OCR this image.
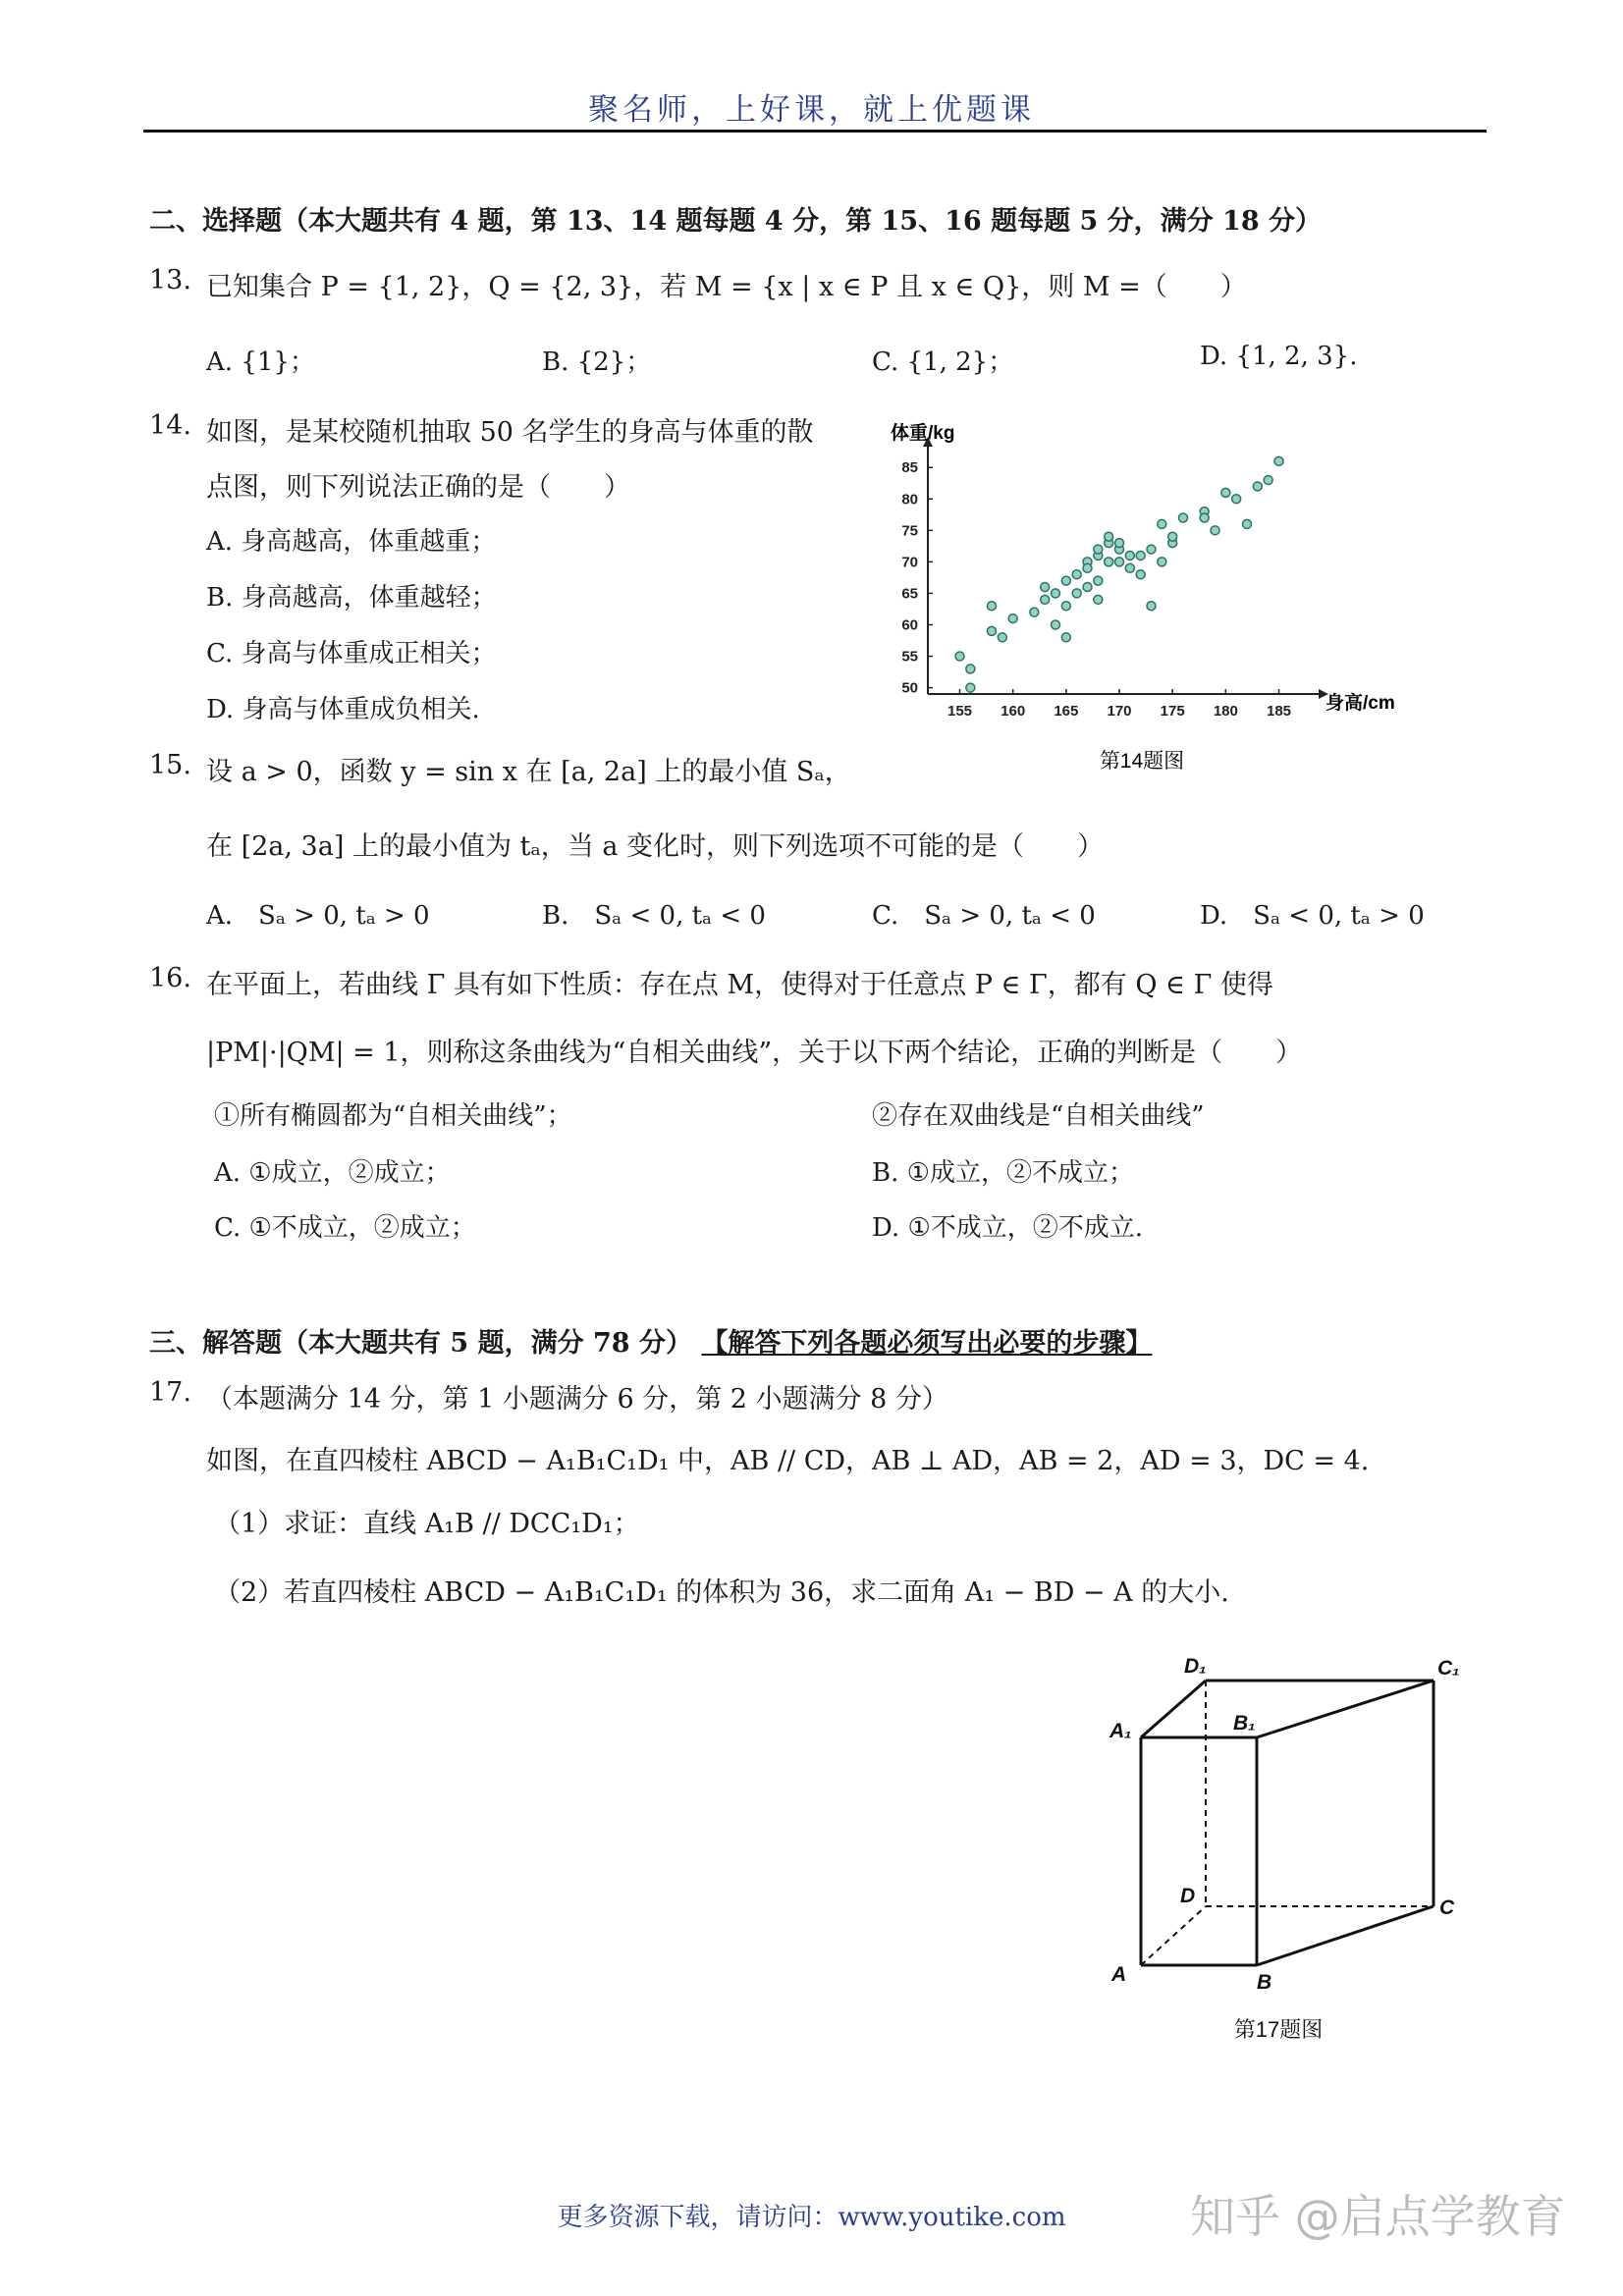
聚名师，上好课，就上优题课
二、选择题（本大题共有 4 题，第 13、14 题每题 4 分，第 15、16 题每题 5 分，满分 18 分）
13. 已知集合 P = {1, 2}，Q = {2, 3}，若 M = {x | x ∈ P 且 x ∈ Q}，则 M =（　　）
A. {1}；	B. {2}；	C. {1, 2}；	D. {1, 2, 3}.
14. 如图，是某校随机抽取 50 名学生的身高与体重的散
点图，则下列说法正确的是（　　）
A. 身高越高，体重越重；
B. 身高越高，体重越轻；
C. 身高与体重成正相关；
D. 身高与体重成负相关.	155 160 165 170 175 180 185
50
55
60
65
70
75
80
85
体重/kg
身高/cm
第14题图
15. 设 a > 0，函数 y = sin x 在 [a, 2a] 上的最小值 Sₐ，
在 [2a, 3a] 上的最小值为 tₐ，当 a 变化时，则下列选项不可能的是（　　）
A.　Sₐ > 0, tₐ > 0	B.　Sₐ < 0, tₐ < 0	C.　Sₐ > 0, tₐ < 0	D.　Sₐ < 0, tₐ > 0
16. 在平面上，若曲线 Γ 具有如下性质：存在点 M，使得对于任意点 P ∈ Γ，都有 Q ∈ Γ 使得
|PM|·|QM| = 1，则称这条曲线为“自相关曲线”，关于以下两个结论，正确的判断是（　　）
①所有椭圆都为“自相关曲线”；	②存在双曲线是“自相关曲线”
A. ①成立，②成立；	B. ①成立，②不成立；
C. ①不成立，②成立；	D. ①不成立，②不成立.
三、解答题（本大题共有 5 题，满分 78 分） 【解答下列各题必须写出必要的步骤】
17. （本题满分 14 分，第 1 小题满分 6 分，第 2 小题满分 8 分）
如图，在直四棱柱 ABCD − A₁B₁C₁D₁ 中，AB // CD，AB ⊥ AD，AB = 2，AD = 3，DC = 4.
（1）求证：直线 A₁B // DCC₁D₁；
（2）若直四棱柱 ABCD − A₁B₁C₁D₁ 的体积为 36，求二面角 A₁ − BD − A 的大小.
A	B
C
D
A₁	B₁
C₁
D₁
第17题图
更多资源下载，请访问：www.youtike.com	知乎 @启点学教育
